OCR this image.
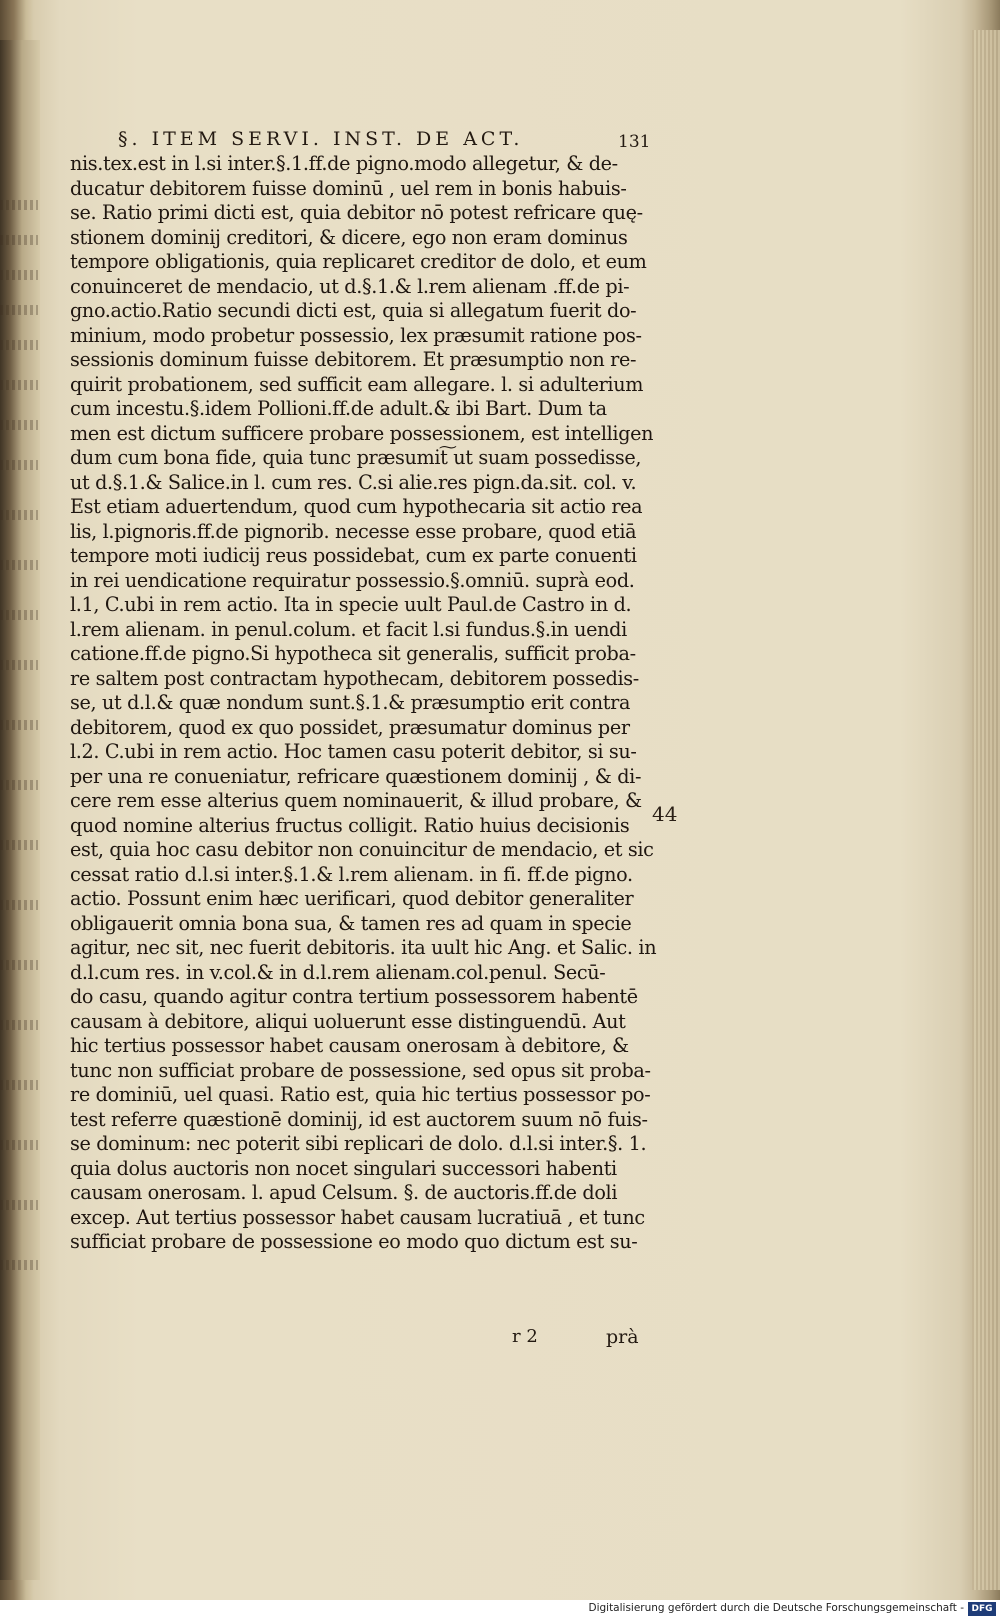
§. ITEM SERVI. INST. DE ACT.	131
nis.tex.est in l.si inter.§.1.ff.de pigno.modo allegetur, & de-
ducatur debitorem fuisse dominū , uel rem in bonis habuis-
se. Ratio primi dicti est, quia debitor nō potest refricare quę-
stionem dominij creditori, & dicere, ego non eram dominus
tempore obligationis, quia replicaret creditor de dolo, et eum
conuinceret de mendacio, ut d.§.1.& l.rem alienam .ff.de pi-
gno.actio.Ratio secundi dicti est, quia si allegatum fuerit do-
minium, modo probetur possessio, lex præsumit ratione pos-
sessionis dominum fuisse debitorem. Et præsumptio non re-
quirit probationem, sed sufficit eam allegare. l. si adulterium
cum incestu.§.idem Pollioni.ff.de adult.& ibi Bart. Dum ta
men est dictum sufficere probare possessionem, est intelligen
dum cum bona fide, quia tunc præsumit͠ ut suam possedisse,
ut d.§.1.& Salice.in l. cum res. C.si alie.res pign.da.sit. col. v.
Est etiam aduertendum, quod cum hypothecaria sit actio rea
lis, l.pignoris.ff.de pignorib. necesse esse probare, quod etiā
tempore moti iudicij reus possidebat, cum ex parte conuenti
in rei uendicatione requiratur possessio.§.omniū. suprà eod.
l.1, C.ubi in rem actio. Ita in specie uult Paul.de Castro in d.
l.rem alienam. in penul.colum. et facit l.si fundus.§.in uendi
catione.ff.de pigno.Si hypotheca sit generalis, sufficit proba-
re saltem post contractam hypothecam, debitorem possedis-
se, ut d.l.& quæ nondum sunt.§.1.& præsumptio erit contra
debitorem, quod ex quo possidet, præsumatur dominus per
l.2. C.ubi in rem actio. Hoc tamen casu poterit debitor, si su-
per una re conueniatur, refricare quæstionem dominij , & di-
cere rem esse alterius quem nominauerit, & illud probare, &
quod nomine alterius fructus colligit. Ratio huius decisionis
est, quia hoc casu debitor non conuincitur de mendacio, et sic
cessat ratio d.l.si inter.§.1.& l.rem alienam. in fi. ff.de pigno.
actio. Possunt enim hæc uerificari, quod debitor generaliter
obligauerit omnia bona sua, & tamen res ad quam in specie
agitur, nec sit, nec fuerit debitoris. ita uult hic Ang. et Salic. in
d.l.cum res. in v.col.& in d.l.rem alienam.col.penul. Secū-
do casu, quando agitur contra tertium possessorem habentē
causam à debitore, aliqui uoluerunt esse distinguendū. Aut
hic tertius possessor habet causam onerosam à debitore, &
tunc non sufficiat probare de possessione, sed opus sit proba-
re dominiū, uel quasi. Ratio est, quia hic tertius possessor po-
test referre quæstionē dominij, id est auctorem suum nō fuis-
se dominum: nec poterit sibi replicari de dolo. d.l.si inter.§. 1.
quia dolus auctoris non nocet singulari successori habenti
causam onerosam. l. apud Celsum. §. de auctoris.ff.de doli
excep. Aut tertius possessor habet causam lucratiuā , et tunc
sufficiat probare de possessione eo modo quo dictum est su-
44
r 2	prà
Digitalisierung gefördert durch die Deutsche Forschungsgemeinschaft - DFG
